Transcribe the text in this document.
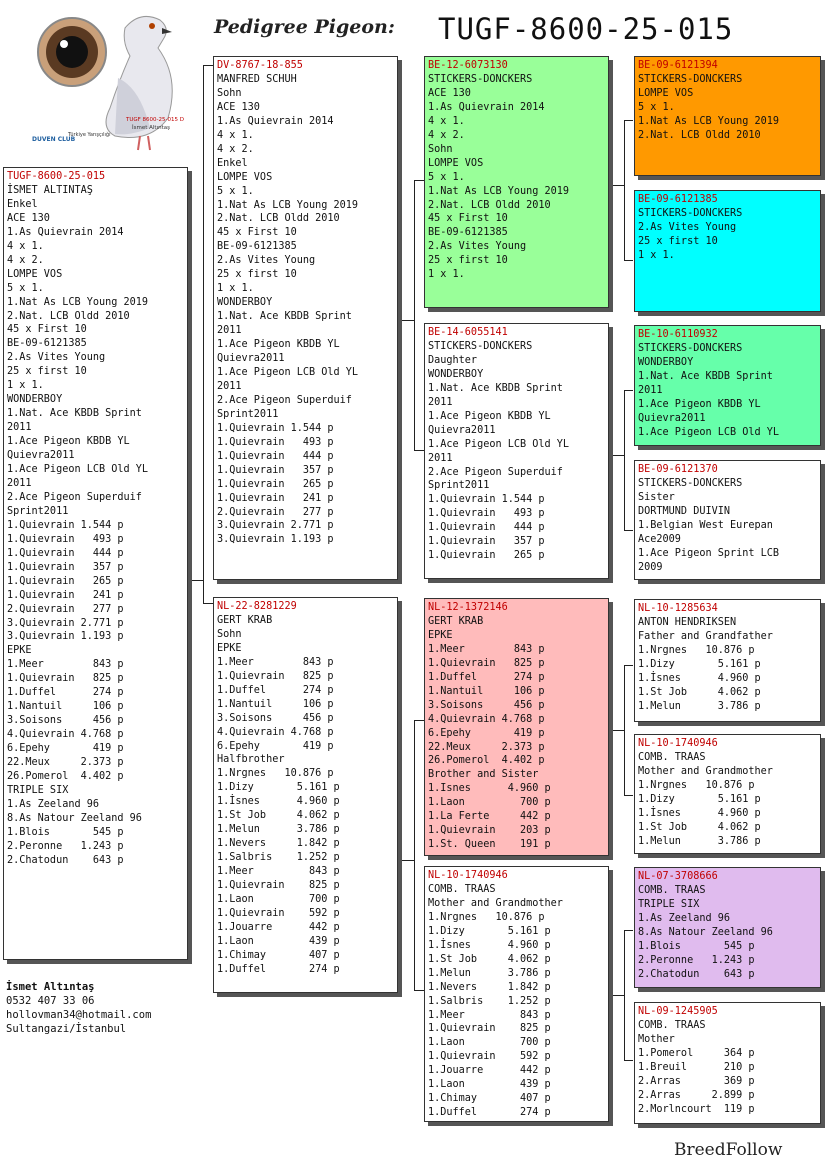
DUVEN CLUB
Türkiye Yarışçılığı
TUGF 8600-25-015 D
İsmet Altıntaş
Pedigree Pigeon: TUGF-8600-25-015
TUGF-8600-25-015
İSMET ALTINTAŞ
Enkel
ACE 130
1.As Quievrain 2014
4 x 1.
4 x 2.
LOMPE VOS
5 x 1.
1.Nat As LCB Young 2019
2.Nat. LCB Oldd 2010
45 x First 10
BE-09-6121385
2.As Vites Young
25 x first 10
1 x 1.
WONDERBOY
1.Nat. Ace KBDB Sprint
2011
1.Ace Pigeon KBDB YL
Quievra2011
1.Ace Pigeon LCB Old YL
2011
2.Ace Pigeon Superduif
Sprint2011
1.Quievrain 1.544 p
1.Quievrain   493 p
1.Quievrain   444 p
1.Quievrain   357 p
1.Quievrain   265 p
1.Quievrain   241 p
2.Quievrain   277 p
3.Quievrain 2.771 p
3.Quievrain 1.193 p
EPKE
1.Meer        843 p
1.Quievrain   825 p
1.Duffel      274 p
1.Nantuil     106 p
3.Soisons     456 p
4.Quievrain 4.768 p
6.Epehy       419 p
22.Meux     2.373 p
26.Pomerol  4.402 p
TRIPLE SIX
1.As Zeeland 96
8.As Natour Zeeland 96
1.Blois       545 p
2.Peronne   1.243 p
2.Chatodun    643 p
DV-8767-18-855
MANFRED SCHUH
Sohn
ACE 130
1.As Quievrain 2014
4 x 1.
4 x 2.
Enkel
LOMPE VOS
5 x 1.
1.Nat As LCB Young 2019
2.Nat. LCB Oldd 2010
45 x First 10
BE-09-6121385
2.As Vites Young
25 x first 10
1 x 1.
WONDERBOY
1.Nat. Ace KBDB Sprint
2011
1.Ace Pigeon KBDB YL
Quievra2011
1.Ace Pigeon LCB Old YL
2011
2.Ace Pigeon Superduif
Sprint2011
1.Quievrain 1.544 p
1.Quievrain   493 p
1.Quievrain   444 p
1.Quievrain   357 p
1.Quievrain   265 p
1.Quievrain   241 p
2.Quievrain   277 p
3.Quievrain 2.771 p
3.Quievrain 1.193 p
NL-22-8281229
GERT KRAB
Sohn
EPKE
1.Meer        843 p
1.Quievrain   825 p
1.Duffel      274 p
1.Nantuil     106 p
3.Soisons     456 p
4.Quievrain 4.768 p
6.Epehy       419 p
Halfbrother
1.Nrgnes   10.876 p
1.Dizy       5.161 p
1.İsnes      4.960 p
1.St Job     4.062 p
1.Melun      3.786 p
1.Nevers     1.842 p
1.Salbris    1.252 p
1.Meer         843 p
1.Quievrain    825 p
1.Laon         700 p
1.Quievrain    592 p
1.Jouarre      442 p
1.Laon         439 p
1.Chimay       407 p
1.Duffel       274 p
BE-12-6073130
STICKERS-DONCKERS
ACE 130
1.As Quievrain 2014
4 x 1.
4 x 2.
Sohn
LOMPE VOS
5 x 1.
1.Nat As LCB Young 2019
2.Nat. LCB Oldd 2010
45 x First 10
BE-09-6121385
2.As Vites Young
25 x first 10
1 x 1.
BE-14-6055141
STICKERS-DONCKERS
Daughter
WONDERBOY
1.Nat. Ace KBDB Sprint
2011
1.Ace Pigeon KBDB YL
Quievra2011
1.Ace Pigeon LCB Old YL
2011
2.Ace Pigeon Superduif
Sprint2011
1.Quievrain 1.544 p
1.Quievrain   493 p
1.Quievrain   444 p
1.Quievrain   357 p
1.Quievrain   265 p
NL-12-1372146
GERT KRAB
EPKE
1.Meer        843 p
1.Quievrain   825 p
1.Duffel      274 p
1.Nantuil     106 p
3.Soisons     456 p
4.Quievrain 4.768 p
6.Epehy       419 p
22.Meux     2.373 p
26.Pomerol  4.402 p
Brother and Sister
1.Isnes      4.960 p
1.Laon         700 p
1.La Ferte     442 p
1.Quievrain    203 p
1.St. Queen    191 p
NL-10-1740946
COMB. TRAAS
Mother and Grandmother
1.Nrgnes   10.876 p
1.Dizy       5.161 p
1.İsnes      4.960 p
1.St Job     4.062 p
1.Melun      3.786 p
1.Nevers     1.842 p
1.Salbris    1.252 p
1.Meer         843 p
1.Quievrain    825 p
1.Laon         700 p
1.Quievrain    592 p
1.Jouarre      442 p
1.Laon         439 p
1.Chimay       407 p
1.Duffel       274 p
BE-09-6121394
STICKERS-DONCKERS
LOMPE VOS
5 x 1.
1.Nat As LCB Young 2019
2.Nat. LCB Oldd 2010
BE-09-6121385
STICKERS-DONCKERS
2.As Vites Young
25 x first 10
1 x 1.
BE-10-6110932
STICKERS-DONCKERS
WONDERBOY
1.Nat. Ace KBDB Sprint
2011
1.Ace Pigeon KBDB YL
Quievra2011
1.Ace Pigeon LCB Old YL
BE-09-6121370
STICKERS-DONCKERS
Sister
DORTMUND DUIVIN
1.Belgian West Eurepan
Ace2009
1.Ace Pigeon Sprint LCB
2009
NL-10-1285634
ANTON HENDRIKSEN
Father and Grandfather
1.Nrgnes   10.876 p
1.Dizy       5.161 p
1.İsnes      4.960 p
1.St Job     4.062 p
1.Melun      3.786 p
NL-10-1740946
COMB. TRAAS
Mother and Grandmother
1.Nrgnes   10.876 p
1.Dizy       5.161 p
1.İsnes      4.960 p
1.St Job     4.062 p
1.Melun      3.786 p
NL-07-3708666
COMB. TRAAS
TRIPLE SIX
1.As Zeeland 96
8.As Natour Zeeland 96
1.Blois       545 p
2.Peronne   1.243 p
2.Chatodun    643 p
NL-09-1245905
COMB. TRAAS
Mother
1.Pomerol     364 p
1.Breuil      210 p
2.Arras       369 p
2.Arras     2.899 p
2.Morlncourt  119 p
İsmet Altıntaş
0532 407 33 06
hollovman34@hotmail.com
Sultangazi/İstanbul
BreedFollow
